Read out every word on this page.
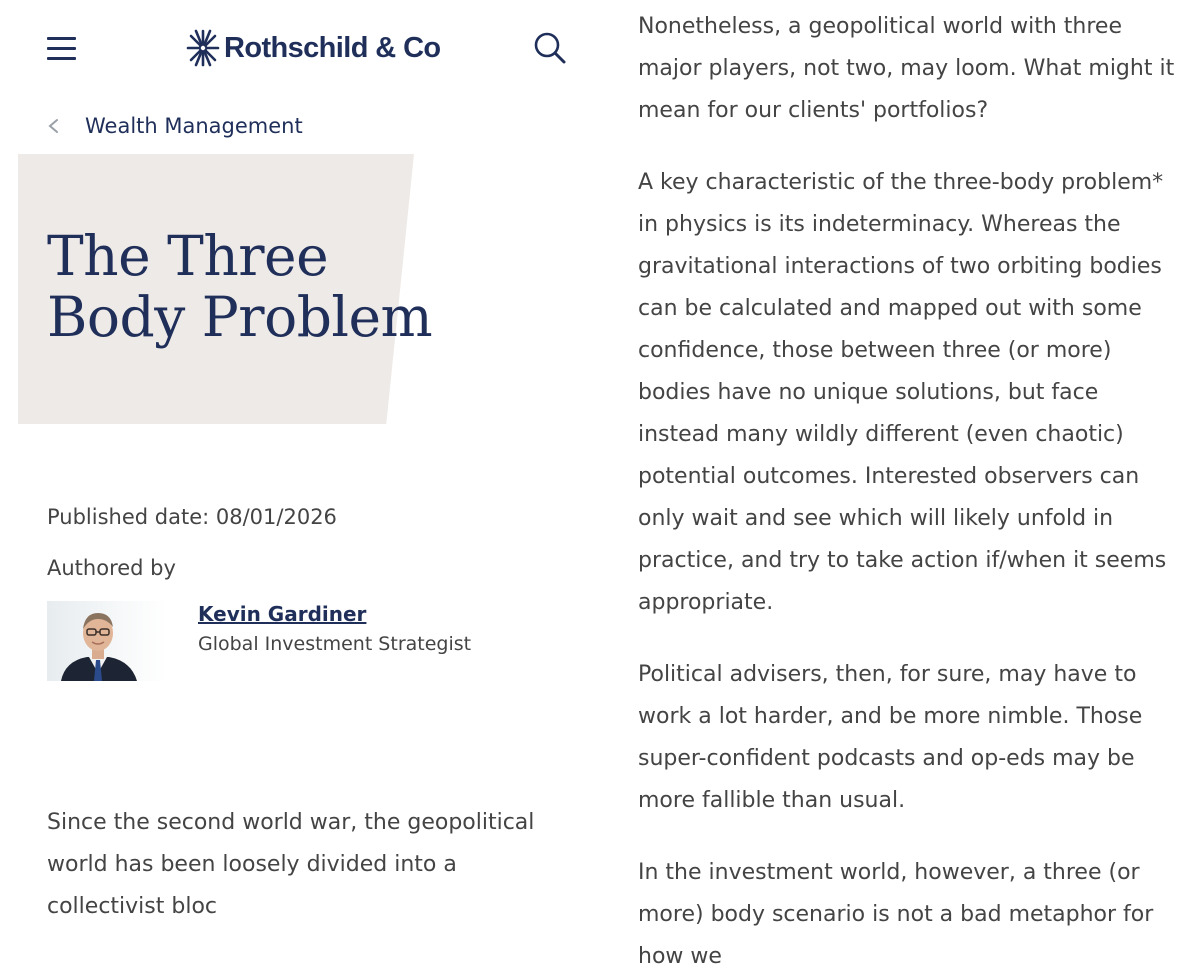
Rothschild & Co
Wealth Management
The Three Body Problem
Published date: 08/01/2026
Authored by
Kevin Gardiner
Global Investment Strategist

Since the second world war, the geopolitical world has been loosely divided into a collectivist bloc

Nonetheless, a geopolitical world with three major players, not two, may loom. What might it mean for our clients' portfolios?

A key characteristic of the three-body problem* in physics is its indeterminacy. Whereas the gravitational interactions of two orbiting bodies can be calculated and mapped out with some confidence, those between three (or more) bodies have no unique solutions, but face instead many wildly different (even chaotic) potential outcomes. Interested observers can only wait and see which will likely unfold in practice, and try to take action if/when it seems appropriate.

Political advisers, then, for sure, may have to work a lot harder, and be more nimble. Those super-confident podcasts and op-eds may be more fallible than usual.

In the investment world, however, a three (or more) body scenario is not a bad metaphor for how we
